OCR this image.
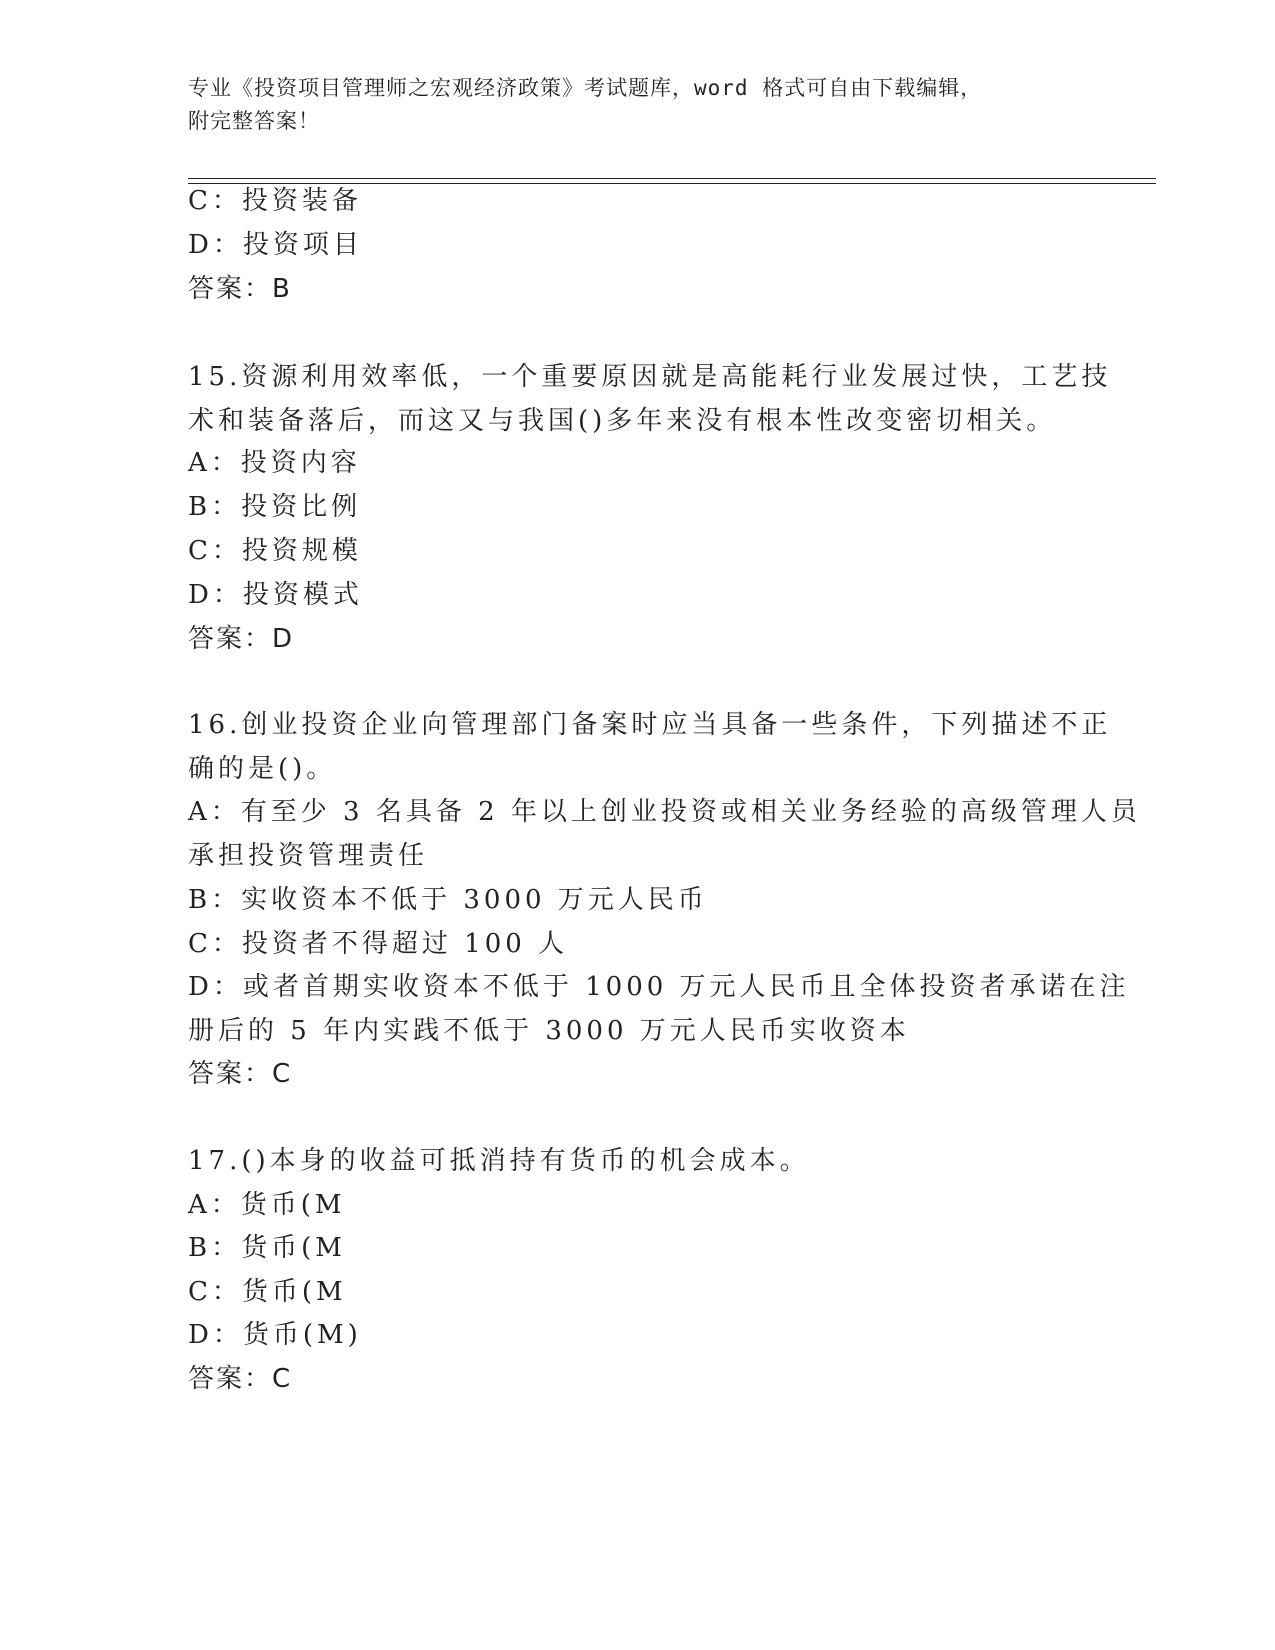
专业《投资项目管理师之宏观经济政策》考试题库，word 格式可自由下载编辑，
附完整答案！
C：投资装备
D：投资项目
答案：B
15.资源利用效率低，一个重要原因就是高能耗行业发展过快，工艺技
术和装备落后，而这又与我国()多年来没有根本性改变密切相关。
A：投资内容
B：投资比例
C：投资规模
D：投资模式
答案：D
16.创业投资企业向管理部门备案时应当具备一些条件，下列描述不正
确的是()。
A：有至少 3 名具备 2 年以上创业投资或相关业务经验的高级管理人员
承担投资管理责任
B：实收资本不低于 3000 万元人民币
C：投资者不得超过 100 人
D：或者首期实收资本不低于 1000 万元人民币且全体投资者承诺在注
册后的 5 年内实践不低于 3000 万元人民币实收资本
答案：C
17.()本身的收益可抵消持有货币的机会成本。
A：货币(M
B：货币(M
C：货币(M
D：货币(M)
答案：C
